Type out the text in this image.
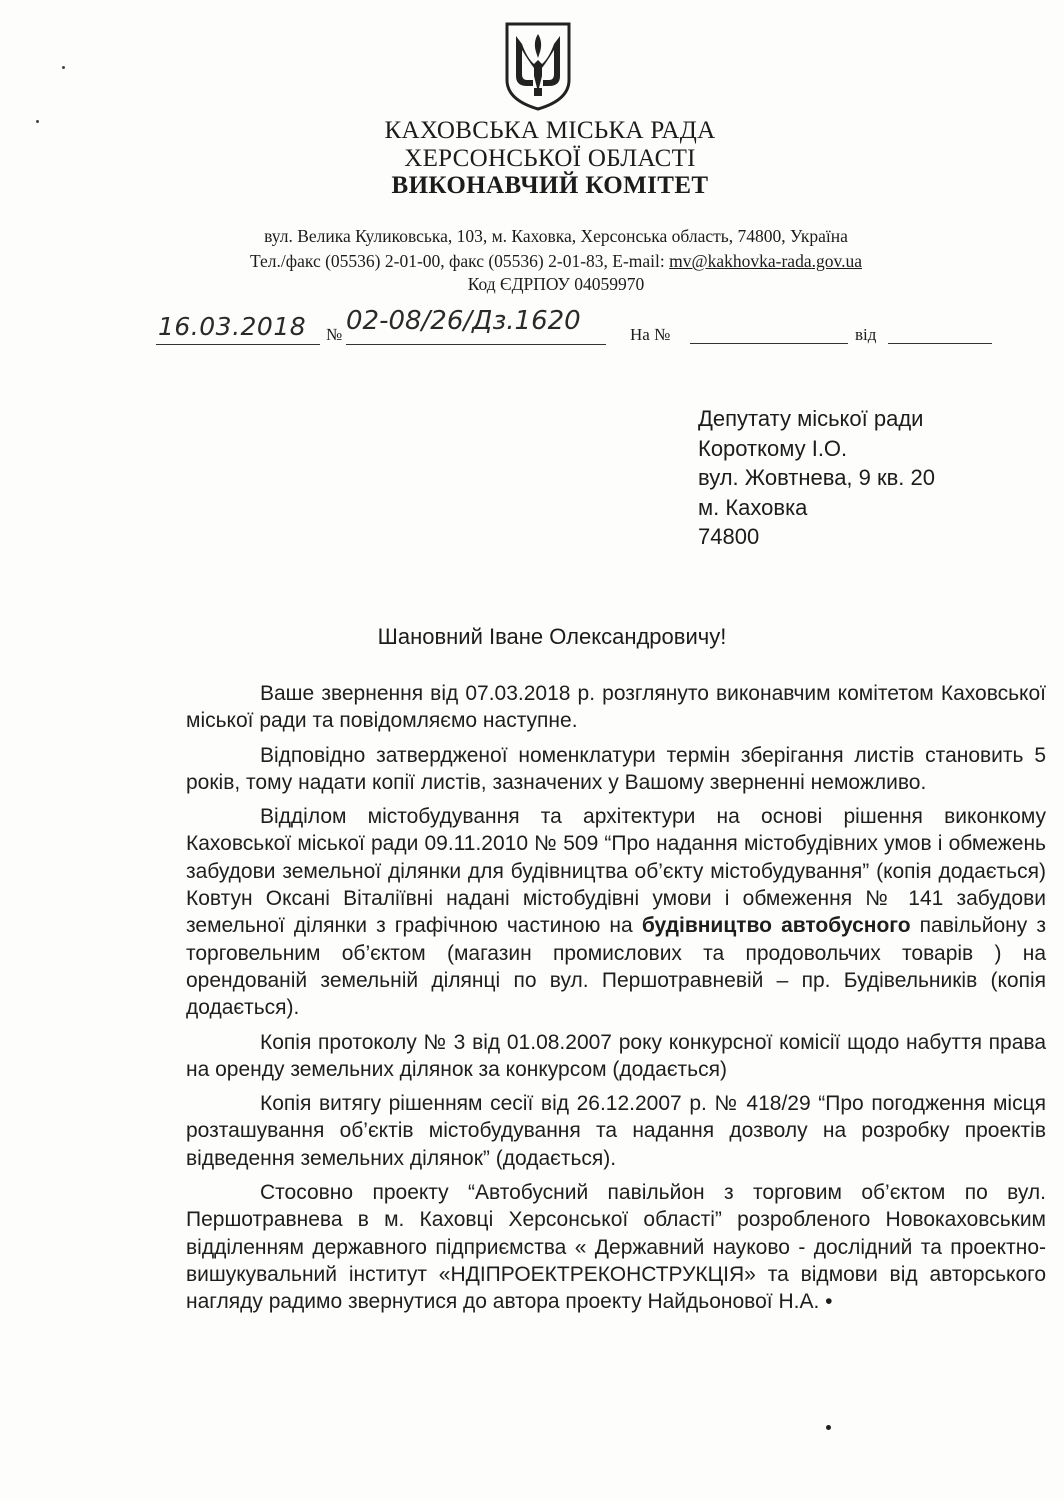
КАХОВСЬКА МІСЬКА РАДА
ХЕРСОНСЬКОЇ ОБЛАСТІ
ВИКОНАВЧИЙ КОМІТЕТ
вул. Велика Куликовська, 103, м. Каховка, Херсонська область, 74800, Україна
Тел./факс (05536) 2-01-00, факс (05536) 2-01-83, E-mail: mv@kakhovka-rada.gov.ua
Код ЄДРПОУ 04059970
16.03.2018 № 02-08/26/Дз.1620	На №	від
Депутату міської ради
Короткому І.О.
вул. Жовтнева, 9 кв. 20
м. Каховка
74800
Шановний Іване Олександровичу!

Ваше звернення від 07.03.2018 р. розглянуто виконавчим комітетом Каховської міської ради та повідомляємо наступне.

Відповідно затвердженої номенклатури термін зберігання листів становить 5 років, тому надати копії листів, зазначених у Вашому зверненні неможливо.

Відділом містобудування та архітектури на основі рішення виконкому Каховської міської ради 09.11.2010 № 509 “Про надання містобудівних умов і обмежень забудови земельної ділянки для будівництва об’єкту містобудування” (копія додається) Ковтун Оксані Віталіївні надані містобудівні умови і обмеження № 141 забудови земельної ділянки з графічною частиною на будівництво автобусного павільйону з торговельним об’єктом (магазин промислових та продовольчих товарів ) на орендованій земельній ділянці по вул. Першотравневій – пр. Будівельників (копія додається).

Копія протоколу № 3 від 01.08.2007 року конкурсної комісії щодо набуття права на оренду земельних ділянок за конкурсом (додається)

Копія витягу рішенням сесії від 26.12.2007 р. № 418/29 “Про погодження місця розташування об’єктів містобудування та надання дозволу на розробку проектів відведення земельних ділянок” (додається).

Стосовно проекту “Автобусний павільйон з торговим об’єктом по вул. Першотравнева в м. Каховці Херсонської області” розробленого Новокаховським відділенням державного підприємства « Державний науково - дослідний та проектно-вишукувальний інститут «НДІПРОЕКТРЕКОНСТРУКЦІЯ» та відмови від авторського нагляду радимо звернутися до автора проекту Найдьонової Н.А. •
